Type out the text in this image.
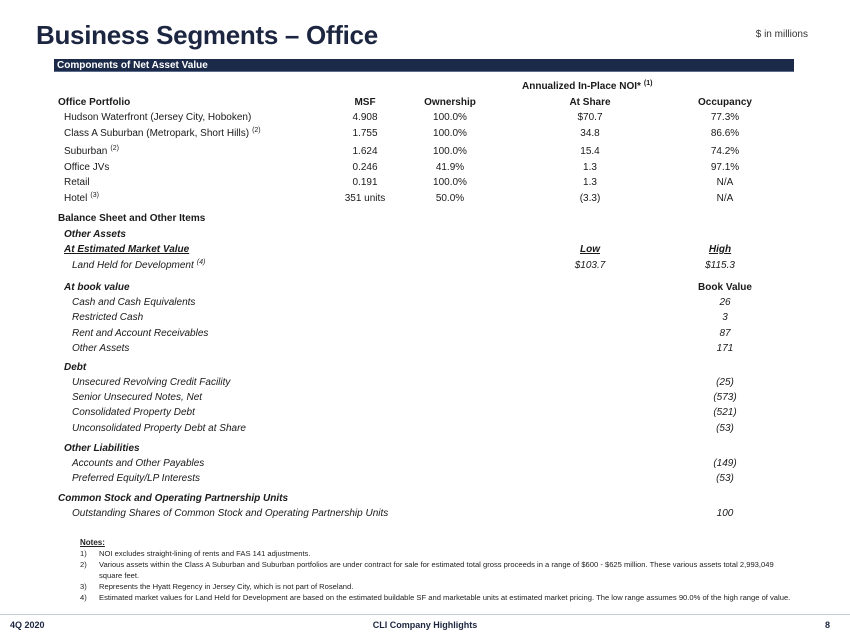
Business Segments – Office	$ in millions
Components of Net Asset Value
Annualized In-Place NOI* $^{(1)}$
Office Portfolio	MSF	Ownership	At Share	Occupancy
Hudson Waterfront (Jersey City, Hoboken)	4.908	100.0%	$70.7	77.3%
Class A Suburban (Metropark, Short Hills) $^{(2)}$	1.755	100.0%	34.8	86.6%
Suburban $^{(2)}$	1.624	100.0%	15.4	74.2%
Office JVs	0.246	41.9%	1.3	97.1%
Retail	0.191	100.0%	1.3	N/A
Hotel $^{(3)}$	351 units	50.0%	(3.3)	N/A
Balance Sheet and Other Items
Other Assets
At Estimated Market Value	Low	High
Land Held for Development $^{(4)}$	$103.7	$115.3
At book value	Book Value
Cash and Cash Equivalents	26
Restricted Cash	3
Rent and Account Receivables	87
Other Assets	171
Debt
Unsecured Revolving Credit Facility	(25)
Senior Unsecured Notes, Net	(573)
Consolidated Property Debt	(521)
Unconsolidated Property Debt at Share	(53)
Other Liabilities
Accounts and Other Payables	(149)
Preferred Equity/LP Interests	(53)
Common Stock and Operating Partnership Units
Outstanding Shares of Common Stock and Operating Partnership Units	100
Notes:
1)	NOI excludes straight-lining of rents and FAS 141 adjustments.
2)	Various assets within the Class A Suburban and Suburban portfolios are under contract for sale for estimated total gross proceeds in a range of $600 - $625 million. These various assets total 2,993,049 square feet.
3)	Represents the Hyatt Regency in Jersey City, which is not part of Roseland.
4)	Estimated market values for Land Held for Development are based on the estimated buildable SF and marketable units at estimated market pricing. The low range assumes 90.0% of the high range of value.
4Q 2020	CLI Company Highlights	8
